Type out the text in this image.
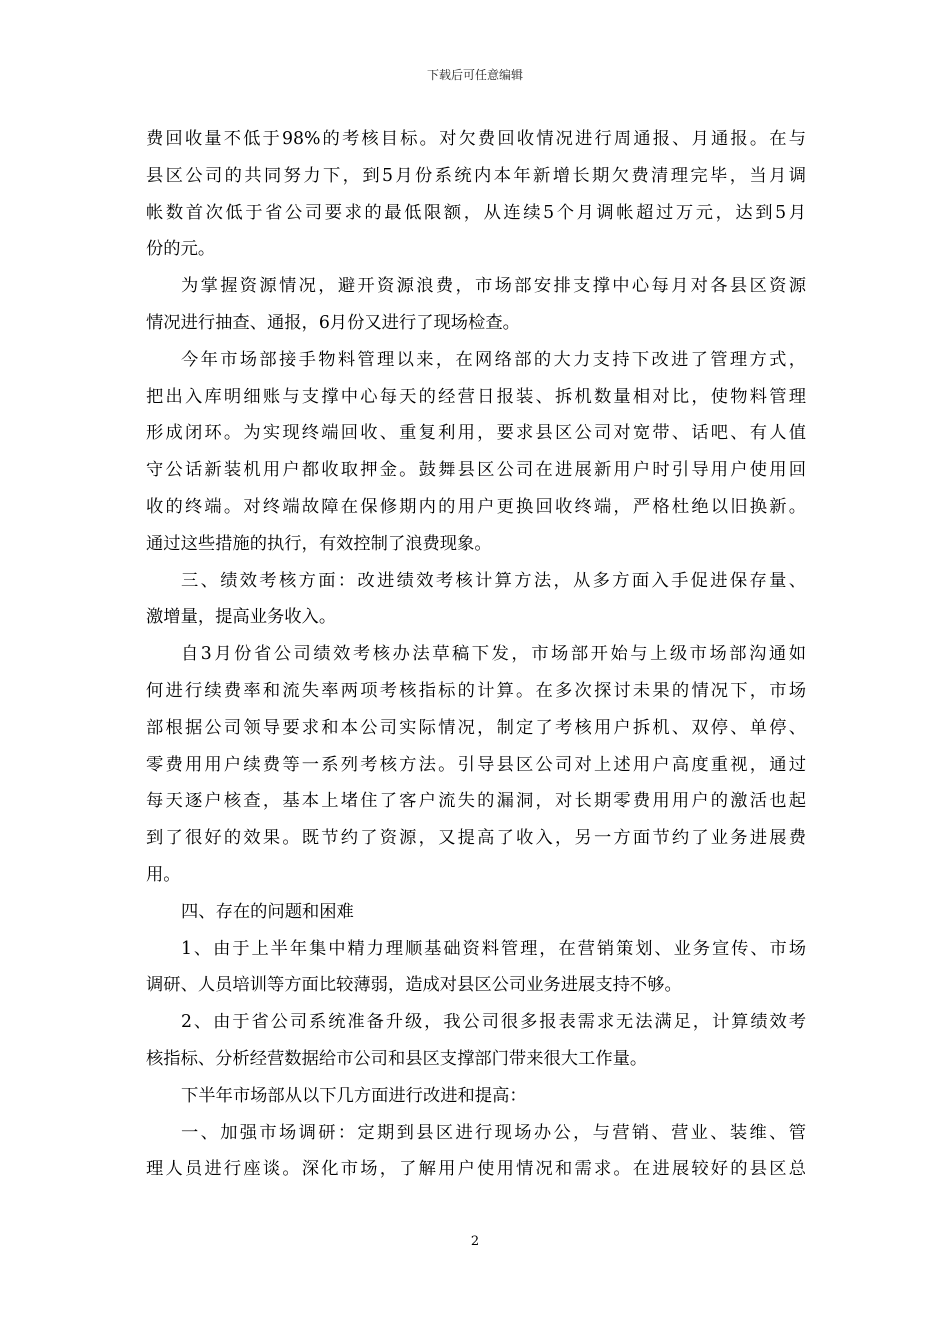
下载后可任意编辑
费回收量不低于98%的考核目标。对欠费回收情况进行周通报、月通报。在与
县区公司的共同努力下，到5月份系统内本年新增长期欠费清理完毕，当月调
帐数首次低于省公司要求的最低限额，从连续5个月调帐超过万元，达到5月
份的元。
为掌握资源情况，避开资源浪费，市场部安排支撑中心每月对各县区资源
情况进行抽查、通报，6月份又进行了现场检查。
今年市场部接手物料管理以来，在网络部的大力支持下改进了管理方式，
把出入库明细账与支撑中心每天的经营日报装、拆机数量相对比，使物料管理
形成闭环。为实现终端回收、重复利用，要求县区公司对宽带、话吧、有人值
守公话新装机用户都收取押金。鼓舞县区公司在进展新用户时引导用户使用回
收的终端。对终端故障在保修期内的用户更换回收终端，严格杜绝以旧换新。
通过这些措施的执行，有效控制了浪费现象。
三、绩效考核方面：改进绩效考核计算方法，从多方面入手促进保存量、
激增量，提高业务收入。
自3月份省公司绩效考核办法草稿下发，市场部开始与上级市场部沟通如
何进行续费率和流失率两项考核指标的计算。在多次探讨未果的情况下，市场
部根据公司领导要求和本公司实际情况，制定了考核用户拆机、双停、单停、
零费用用户续费等一系列考核方法。引导县区公司对上述用户高度重视，通过
每天逐户核查，基本上堵住了客户流失的漏洞，对长期零费用用户的激活也起
到了很好的效果。既节约了资源，又提高了收入，另一方面节约了业务进展费
用。
四、存在的问题和困难
1、由于上半年集中精力理顺基础资料管理，在营销策划、业务宣传、市场
调研、人员培训等方面比较薄弱，造成对县区公司业务进展支持不够。
2、由于省公司系统准备升级，我公司很多报表需求无法满足，计算绩效考
核指标、分析经营数据给市公司和县区支撑部门带来很大工作量。
下半年市场部从以下几方面进行改进和提高：
一、加强市场调研：定期到县区进行现场办公，与营销、营业、装维、管
理人员进行座谈。深化市场，了解用户使用情况和需求。在进展较好的县区总
2
